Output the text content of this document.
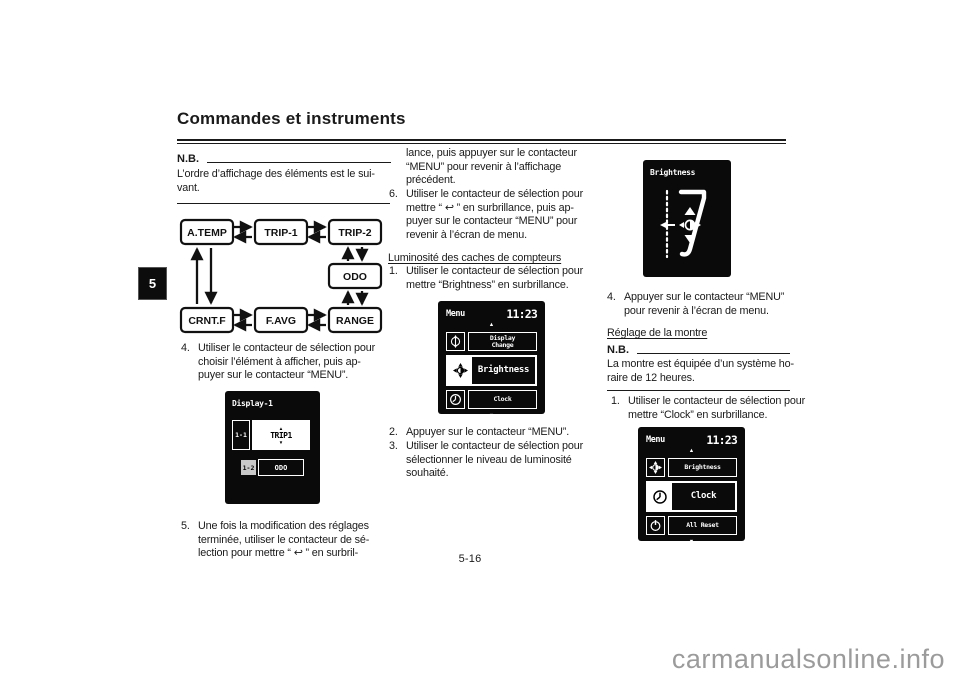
5
Commandes et instruments
N.B.
L’ordre d’affichage des éléments est le sui-
vant.
A.TEMP	TRIP-1	TRIP-2
ODO
RANGE
F.AVG
CRNT.F
4. Utiliser le contacteur de sélection pour
choisir l’élément à afficher, puis ap-
puyer sur le contacteur “MENU”.
Display-1
1-1
▲
TRIP1
▼
1-2	ODO
5. Une fois la modification des réglages
terminée, utiliser le contacteur de sé-
lection pour mettre “ ↩ ” en surbril-
lance, puis appuyer sur le contacteur
“MENU” pour revenir à l’affichage
précédent.
6. Utiliser le contacteur de sélection pour
mettre “ ↩ ” en surbrillance, puis ap-
puyer sur le contacteur “MENU” pour
revenir à l’écran de menu.
Luminosité des caches de compteurs
1. Utiliser le contacteur de sélection pour
mettre “Brightness” en surbrillance.
Menu	11:23
▲
Display
Change
Brightness
Clock
▼
2. Appuyer sur le contacteur “MENU”.
3. Utiliser le contacteur de sélection pour
sélectionner le niveau de luminosité
souhaité.
Brightness
4. Appuyer sur le contacteur “MENU”
pour revenir à l’écran de menu.
Réglage de la montre
N.B.
La montre est équipée d’un système ho-
raire de 12 heures.
1. Utiliser le contacteur de sélection pour
mettre “Clock” en surbrillance.
Menu	11:23
▲
Brightness
Clock
All Reset
▼
5-16
carmanualsonline.info
